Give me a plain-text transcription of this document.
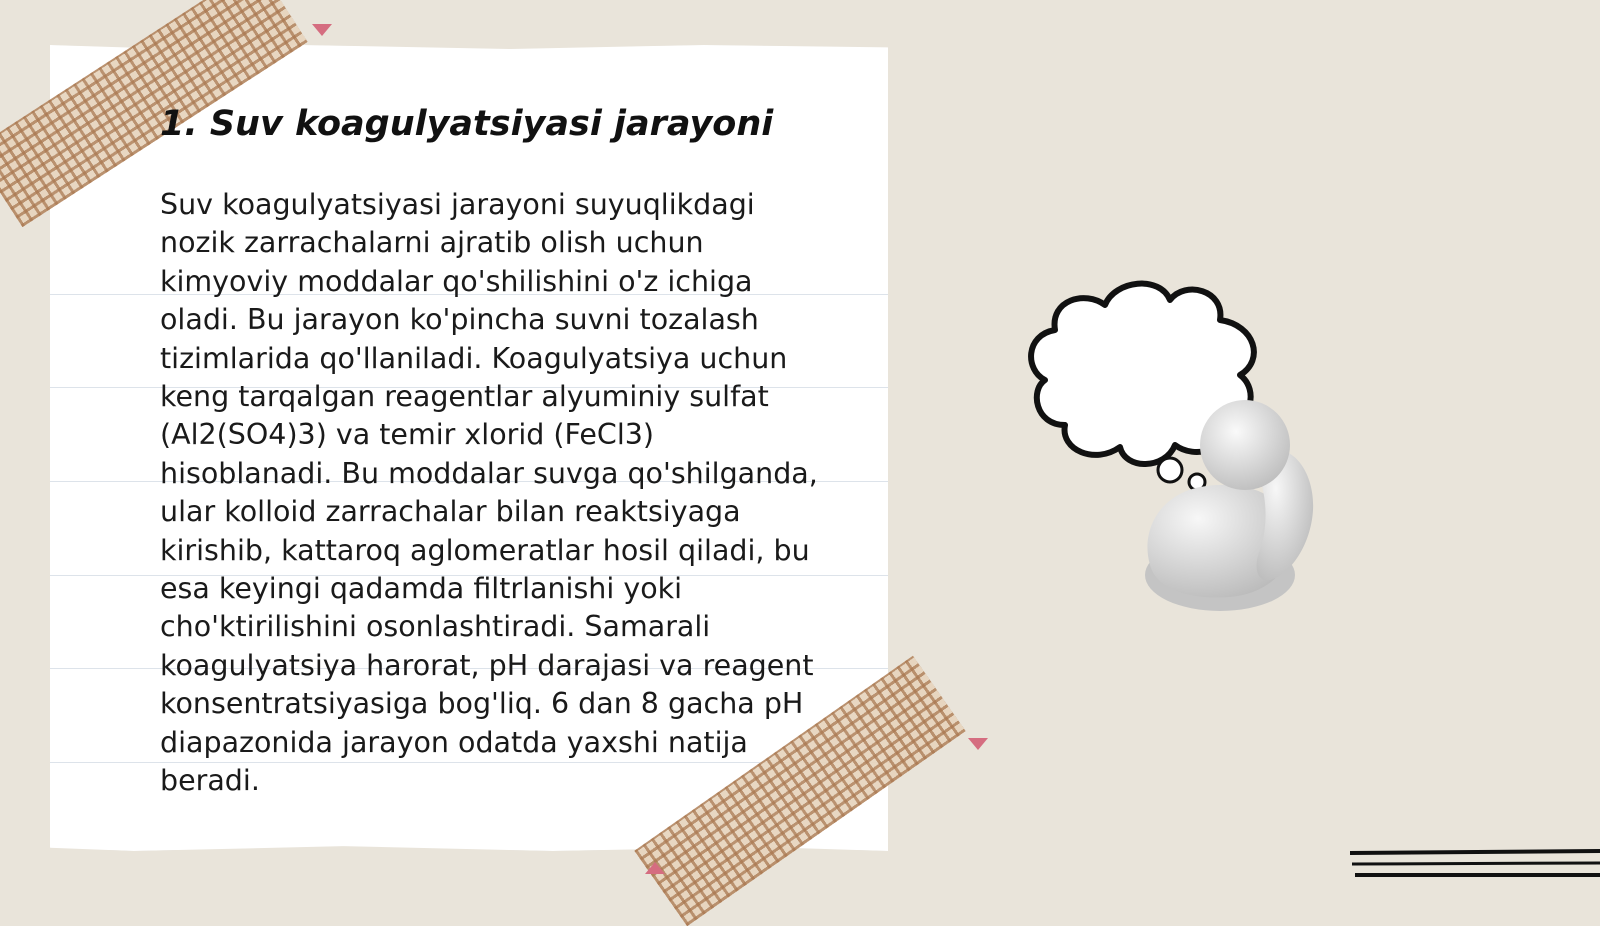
1. Suv koagulyatsiyasi jarayoni

Suv koagulyatsiyasi jarayoni suyuqlikdagi nozik zarrachalarni ajratib olish uchun kimyoviy moddalar qo'shilishini o'z ichiga oladi. Bu jarayon ko'pincha suvni tozalash tizimlarida qo'llaniladi. Koagulyatsiya uchun keng tarqalgan reagentlar alyuminiy sulfat (Al2(SO4)3) va temir xlorid (FeCl3) hisoblanadi. Bu moddalar suvga qo'shilganda, ular kolloid zarrachalar bilan reaktsiyaga kirishib, kattaroq aglomeratlar hosil qiladi, bu esa keyingi qadamda filtrlanishi yoki cho'ktirilishini osonlashtiradi. Samarali koagulyatsiya harorat, pH darajasi va reagent konsentratsiyasiga bog'liq. 6 dan 8 gacha pH diapazonida jarayon odatda yaxshi natija beradi.
